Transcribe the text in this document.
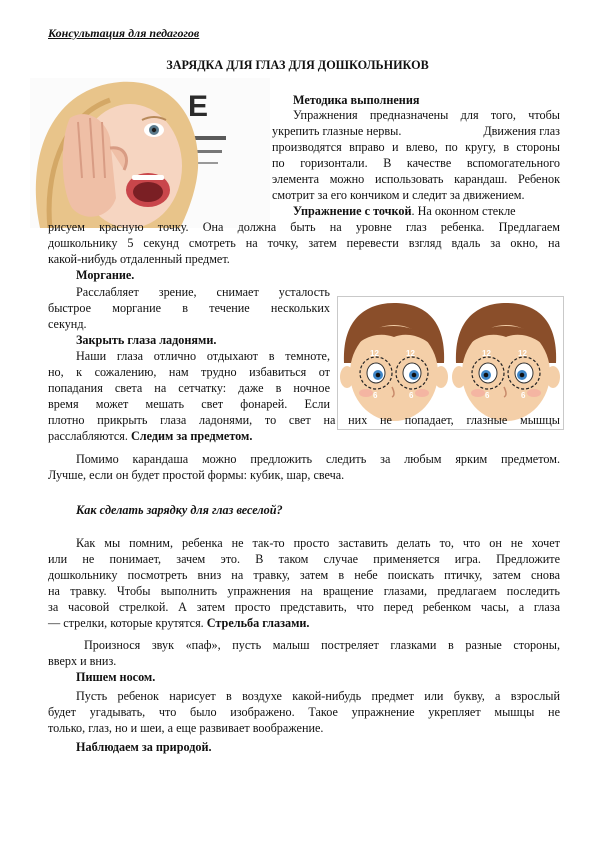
Консультация для педагогов
ЗАРЯДКА ДЛЯ ГЛАЗ ДЛЯ ДОШКОЛЬНИКОВ
E
12
6
12
6
12
6
12
6
Методика выполнения
Упражнения предназначены для того, чтобы
укрепить глазные нервы.	Движения глаз
производятся вправо и влево, по кругу, в стороны
по горизонтали. В качестве вспомогательного
элемента можно использовать карандаш. Ребенок
смотрит за его кончиком и следит за движением.
Упражнение с точкой. На оконном стекле
рисуем красную точку. Она должна быть на уровне глаз ребенка. Предлагаем
дошкольнику 5 секунд смотреть на точку, затем перевести взгляд вдаль за окно, на
какой-нибудь отдаленный предмет.
Моргание.
Расслабляет зрение, снимает усталость
быстрое моргание в течение нескольких
секунд.
Закрыть глаза ладонями.
Наши глаза отлично отдыхают в темноте,
но, к сожалению, нам трудно избавиться от
попадания света на сетчатку: даже в ночное
время может мешать свет фонарей. Если
плотно прикрыть глаза ладонями, то свет на них не попадает, глазные мышцы
расслабляются. Следим за предметом.
Помимо карандаша можно предложить следить за любым ярким предметом.
Лучше, если он будет простой формы: кубик, шар, свеча.
Как сделать зарядку для глаз веселой?
Как мы помним, ребенка не так-то просто заставить делать то, что он не хочет
или не понимает, зачем это. В таком случае применяется игра. Предложите
дошкольнику посмотреть вниз на травку, затем в небе поискать птичку, затем снова
на травку. Чтобы выполнить упражнения на вращение глазами, предлагаем последить
за часовой стрелкой. А затем просто представить, что перед ребенком часы, а глаза
— стрелки, которые крутятся. Стрельба глазами.
Произнося звук «паф», пусть малыш постреляет глазками в разные стороны,
вверх и вниз.
Пишем носом.
Пусть ребенок нарисует в воздухе какой-нибудь предмет или букву, а взрослый
будет угадывать, что было изображено. Такое упражнение укрепляет мышцы не
только, глаз, но и шеи, а еще развивает воображение.
Наблюдаем за природой.
